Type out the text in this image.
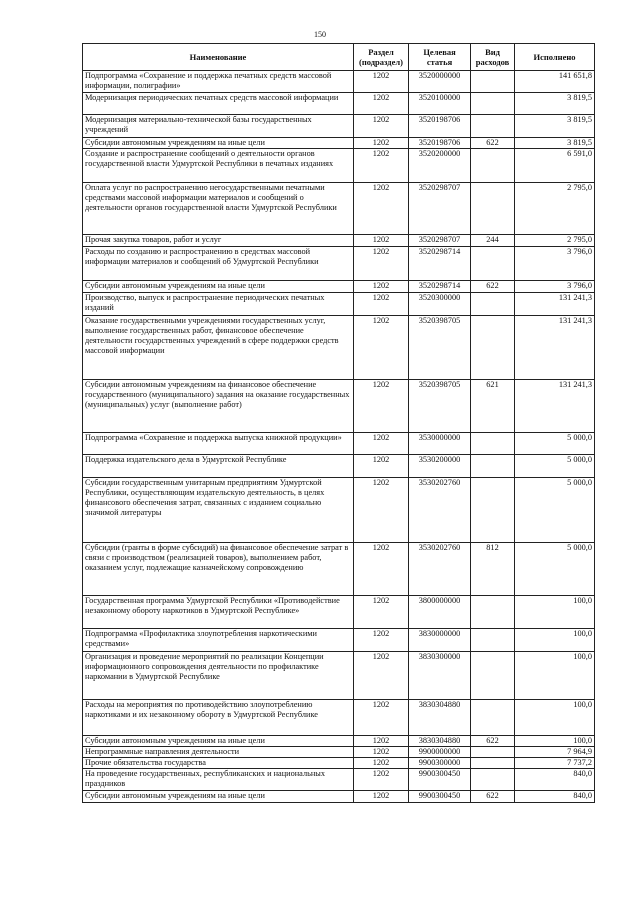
150
Наименование	Раздел (подраздел)	Целевая статья	Вид расходов	Исполнено
Подпрограмма «Сохранение и поддержка печатных средств массовой информации, полиграфии»	1202	3520000000		141 651,8
Модернизация периодических печатных средств массовой информации	1202	3520100000		3 819,5
Модернизация материально-технической базы государственных учреждений	1202	3520198706		3 819,5
Субсидии автономным учреждениям на иные цели	1202	3520198706	622	3 819,5
Создание и распространение сообщений о деятельности органов государственной власти Удмуртской Республики в печатных изданиях	1202	3520200000		6 591,0
Оплата услуг по распространению негосударственными печатными средствами массовой информации материалов и сообщений о деятельности органов государственной власти Удмуртской Республики	1202	3520298707		2 795,0
Прочая закупка товаров, работ и услуг	1202	3520298707	244	2 795,0
Расходы по созданию и распространению в средствах массовой информации материалов и сообщений об Удмуртской Республики	1202	3520298714		3 796,0
Субсидии автономным учреждениям на иные цели	1202	3520298714	622	3 796,0
Производство, выпуск и распространение периодических печатных изданий	1202	3520300000		131 241,3
Оказание государственными учреждениями государственных услуг, выполнение государственных работ, финансовое обеспечение деятельности государственных учреждений в сфере поддержки средств массовой информации	1202	3520398705		131 241,3
Субсидии автономным учреждениям на финансовое обеспечение государственного (муниципального) задания на оказание государственных (муниципальных) услуг (выполнение работ)	1202	3520398705	621	131 241,3
Подпрограмма «Сохранение и поддержка выпуска книжной продукции»	1202	3530000000		5 000,0
Поддержка издательского дела в Удмуртской Республике	1202	3530200000		5 000,0
Субсидии государственным унитарным предприятиям Удмуртской Республики, осуществляющим издательскую деятельность, в целях финансового обеспечения затрат, связанных с изданием социально значимой литературы	1202	3530202760		5 000,0
Субсидии (гранты в форме субсидий) на финансовое обеспечение затрат в связи с производством (реализацией товаров), выполнением работ, оказанием услуг, подлежащие казначейскому сопровождению	1202	3530202760	812	5 000,0
Государственная программа Удмуртской Республики «Противодействие незаконному обороту наркотиков в Удмуртской Республике»	1202	3800000000		100,0
Подпрограмма «Профилактика злоупотребления наркотическими средствами»	1202	3830000000		100,0
Организация и проведение мероприятий по реализации Концепции информационного сопровождения деятельности по профилактике наркомании в Удмуртской Республике	1202	3830300000		100,0
Расходы на мероприятия по противодействию злоупотреблению наркотиками и их незаконному обороту в Удмуртской Республике	1202	3830304880		100,0
Субсидии автономным учреждениям на иные цели	1202	3830304880	622	100,0
Непрограммные направления деятельности	1202	9900000000		7 964,9
Прочие обязательства государства	1202	9900300000		7 737,2
На проведение государственных, республиканских и национальных праздников	1202	9900300450		840,0
Субсидии автономным учреждениям на иные цели	1202	9900300450	622	840,0
